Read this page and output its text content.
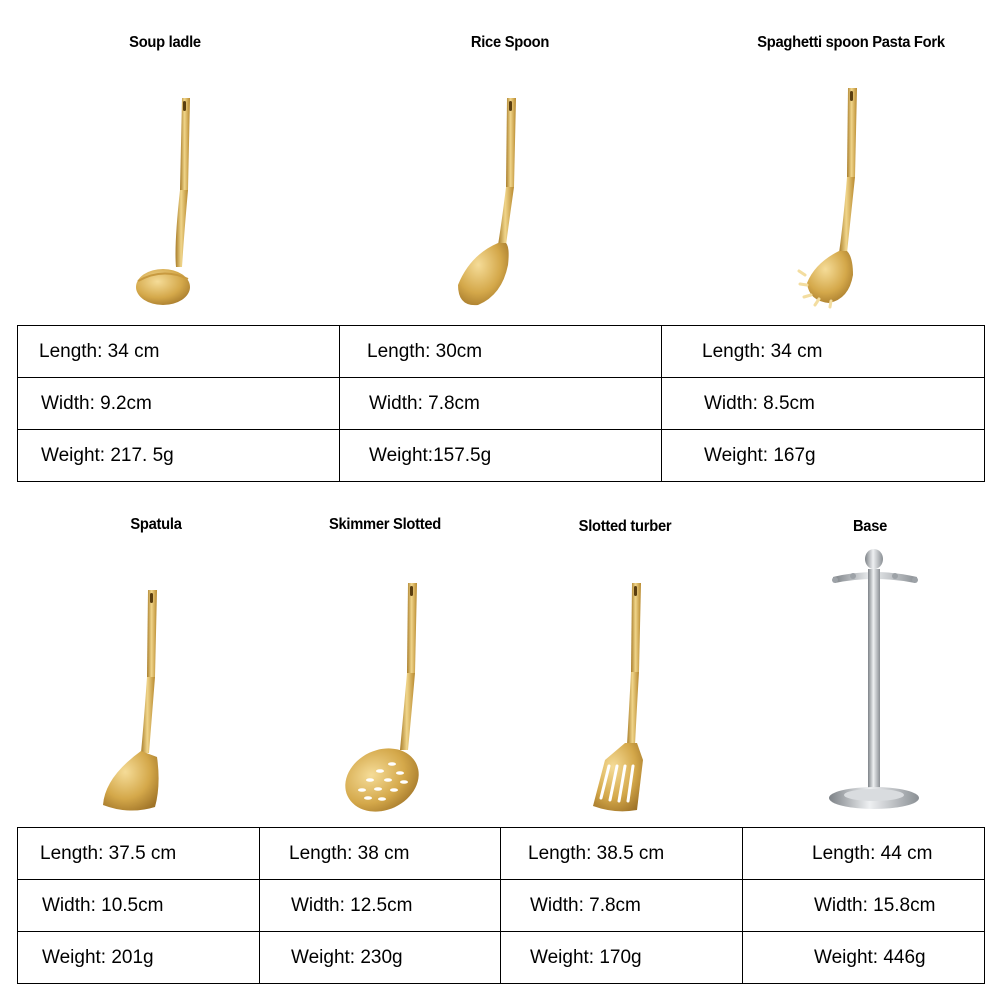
Soup ladle	Rice Spoon	Spaghetti spoon Pasta Fork
Length: 34 cm	Length: 30cm	Length: 34 cm
Width: 9.2cm	Width: 7.8cm	Width: 8.5cm
Weight: 217. 5g	Weight:157.5g	Weight: 167g
Spatula	Skimmer Slotted	Slotted turber	Base
Length: 37.5 cm	Length: 38 cm	Length: 38.5 cm	Length: 44 cm
Width: 10.5cm	Width: 12.5cm	Width: 7.8cm	Width: 15.8cm
Weight: 201g	Weight: 230g	Weight: 170g	Weight: 446g
